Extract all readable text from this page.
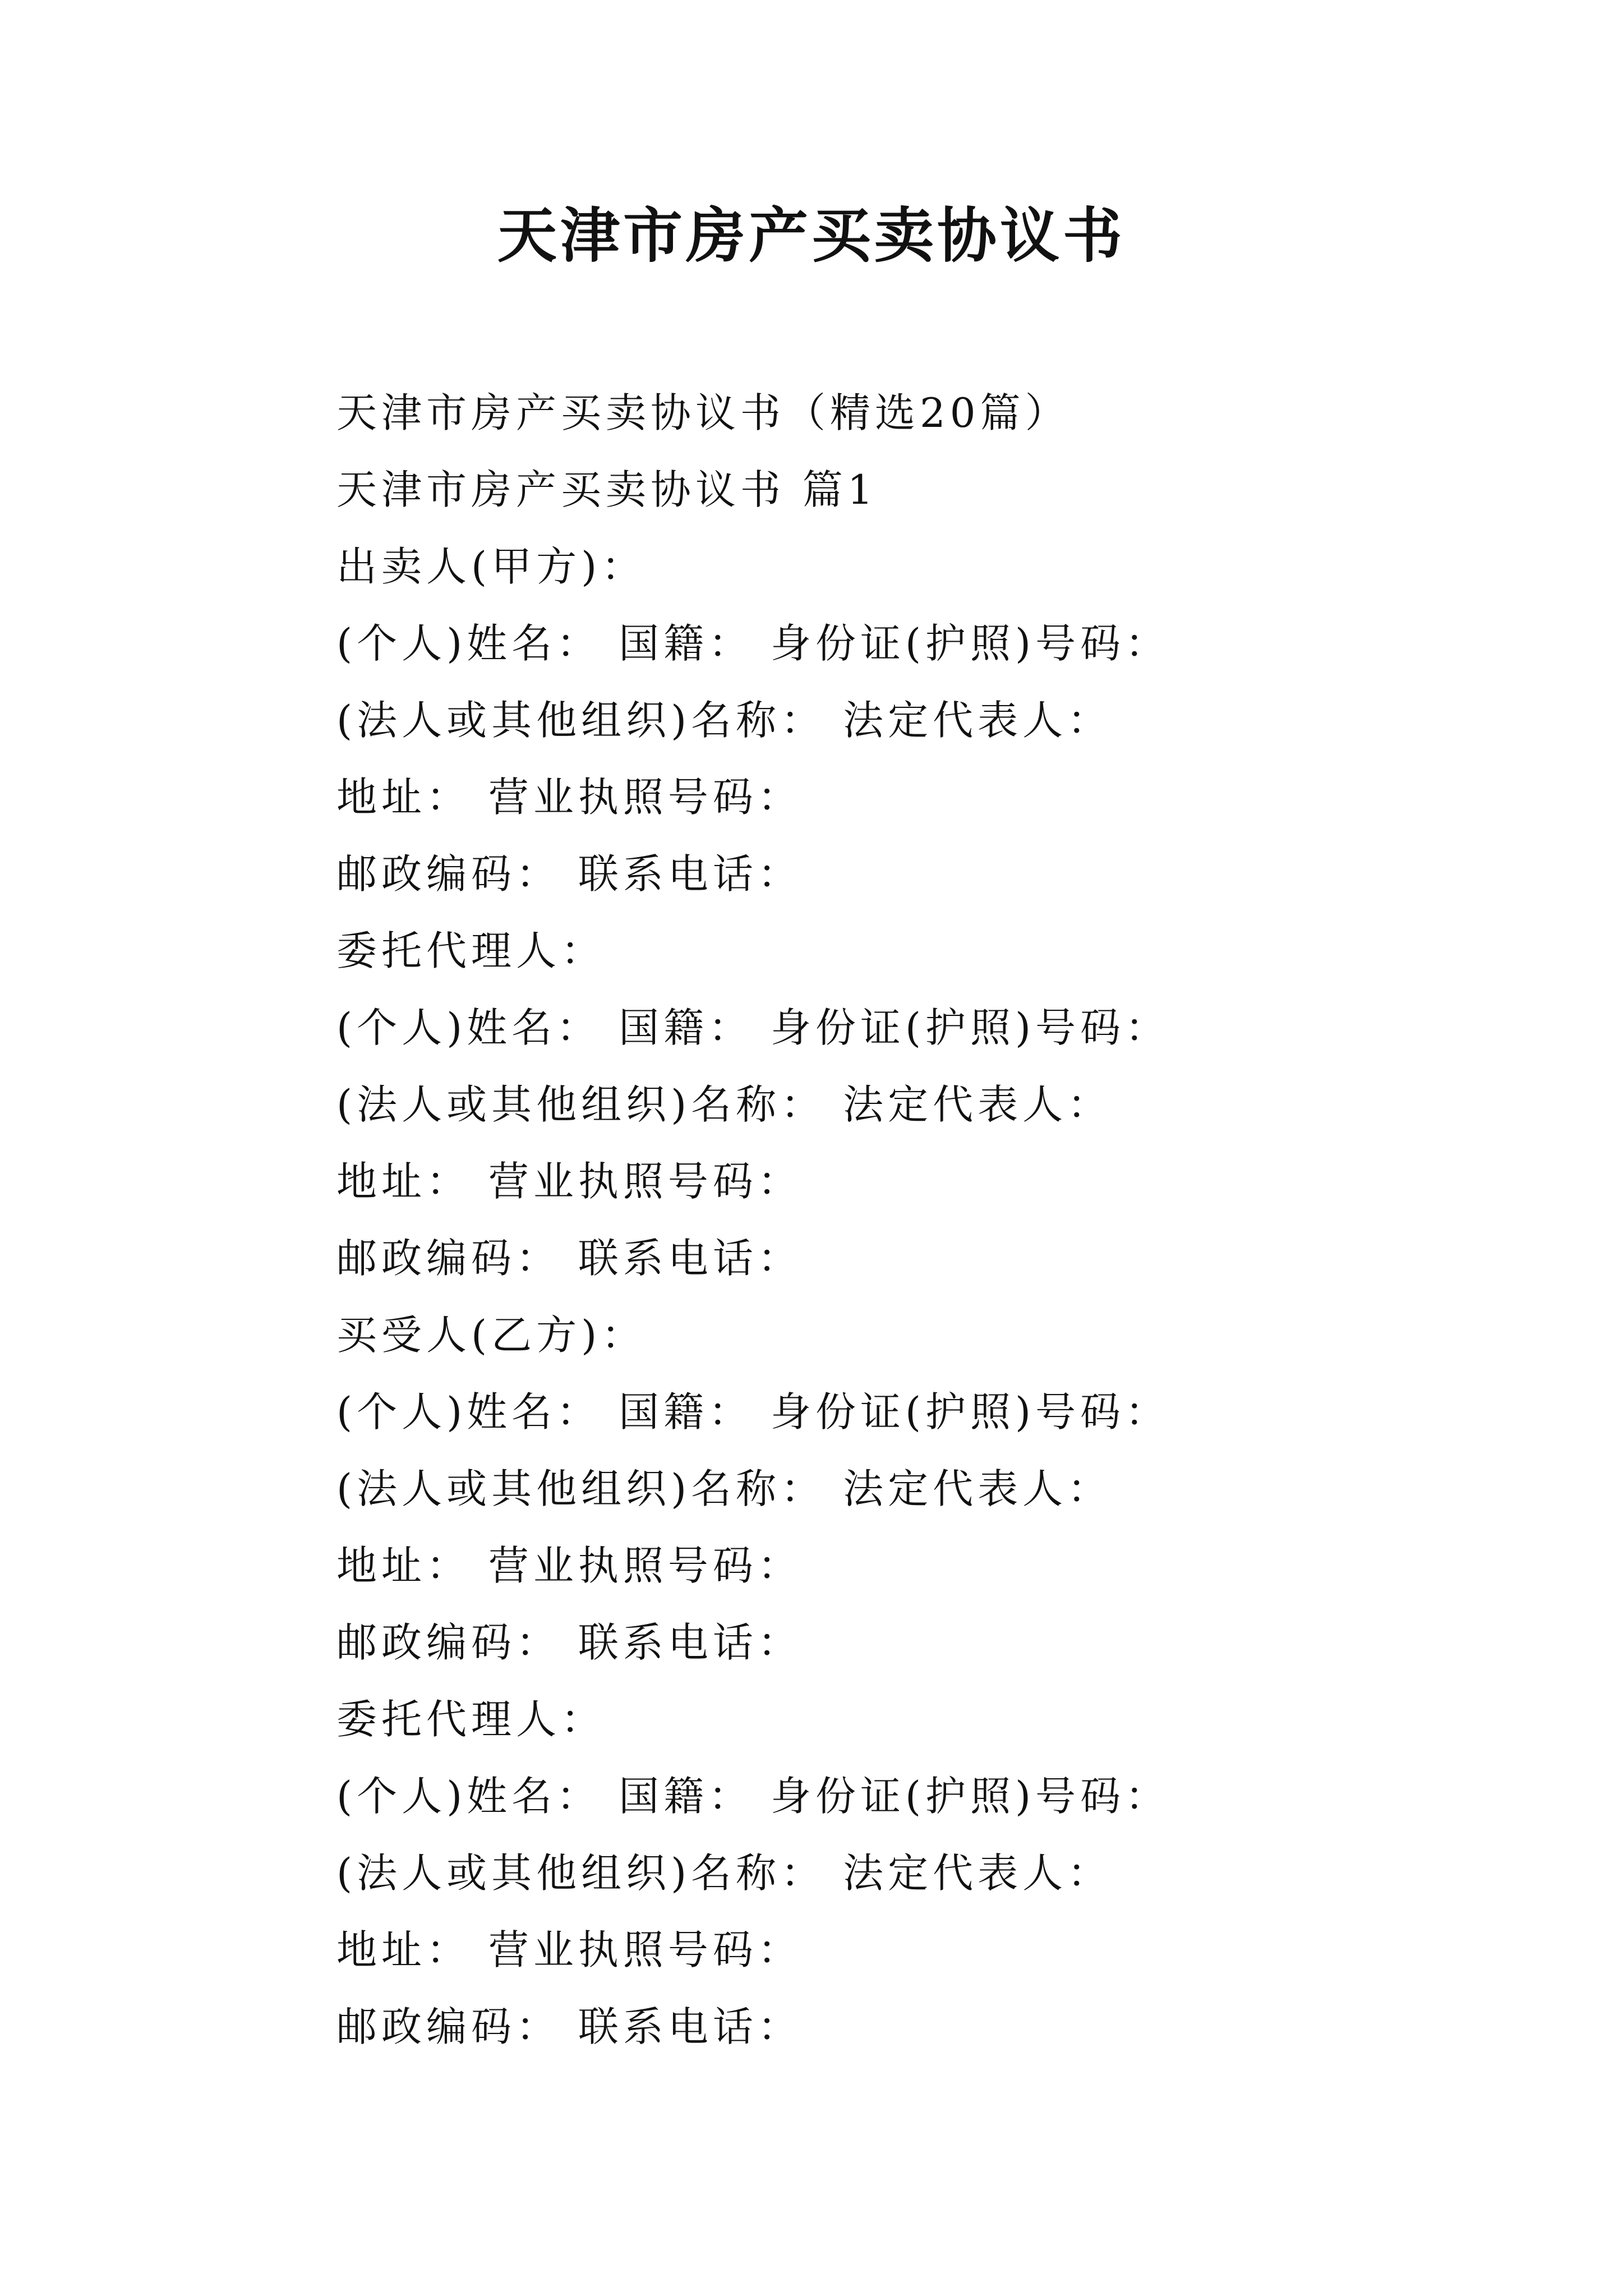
天津市房产买卖协议书
天津市房产买卖协议书（精选20篇）
天津市房产买卖协议书 篇1
出卖人(甲方)：
(个人)姓名： 国籍： 身份证(护照)号码：
(法人或其他组织)名称： 法定代表人：
地址： 营业执照号码：
邮政编码： 联系电话：
委托代理人：
(个人)姓名： 国籍： 身份证(护照)号码：
(法人或其他组织)名称： 法定代表人：
地址： 营业执照号码：
邮政编码： 联系电话：
买受人(乙方)：
(个人)姓名： 国籍： 身份证(护照)号码：
(法人或其他组织)名称： 法定代表人：
地址： 营业执照号码：
邮政编码： 联系电话：
委托代理人：
(个人)姓名： 国籍： 身份证(护照)号码：
(法人或其他组织)名称： 法定代表人：
地址： 营业执照号码：
邮政编码： 联系电话：
